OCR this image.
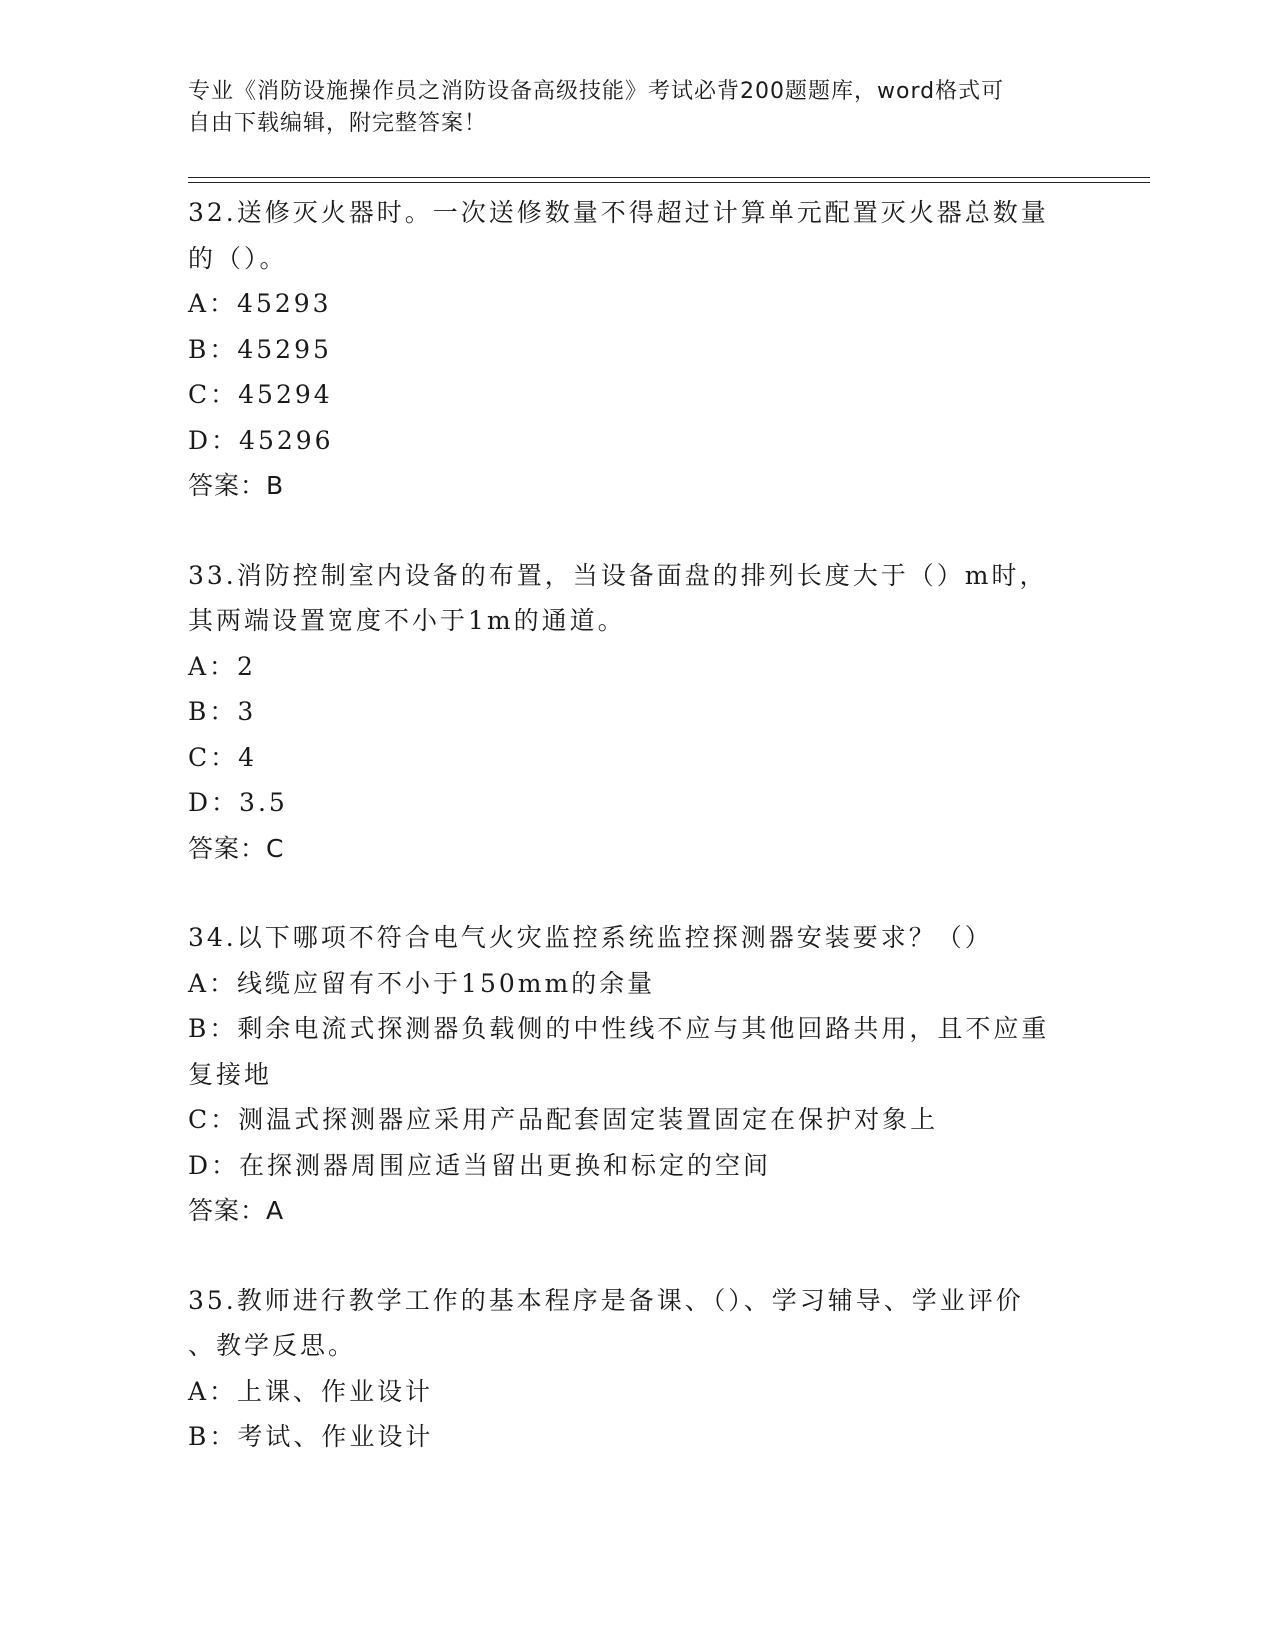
专业《消防设施操作员之消防设备高级技能》考试必背200题题库，word格式可
自由下载编辑，附完整答案！

32.送修灭火器时。一次送修数量不得超过计算单元配置灭火器总数量

的（）。

A：45293

B：45295

C：45294

D：45296

答案：B

33.消防控制室内设备的布置，当设备面盘的排列长度大于（）m时，

其两端设置宽度不小于1m的通道。

A：2

B：3

C：4

D：3.5

答案：C

34.以下哪项不符合电气火灾监控系统监控探测器安装要求？（）

A：线缆应留有不小于150mm的余量

B：剩余电流式探测器负载侧的中性线不应与其他回路共用，且不应重

复接地

C：测温式探测器应采用产品配套固定装置固定在保护对象上

D：在探测器周围应适当留出更换和标定的空间

答案：A

35.教师进行教学工作的基本程序是备课、（）、学习辅导、学业评价

、教学反思。

A：上课、作业设计

B：考试、作业设计
